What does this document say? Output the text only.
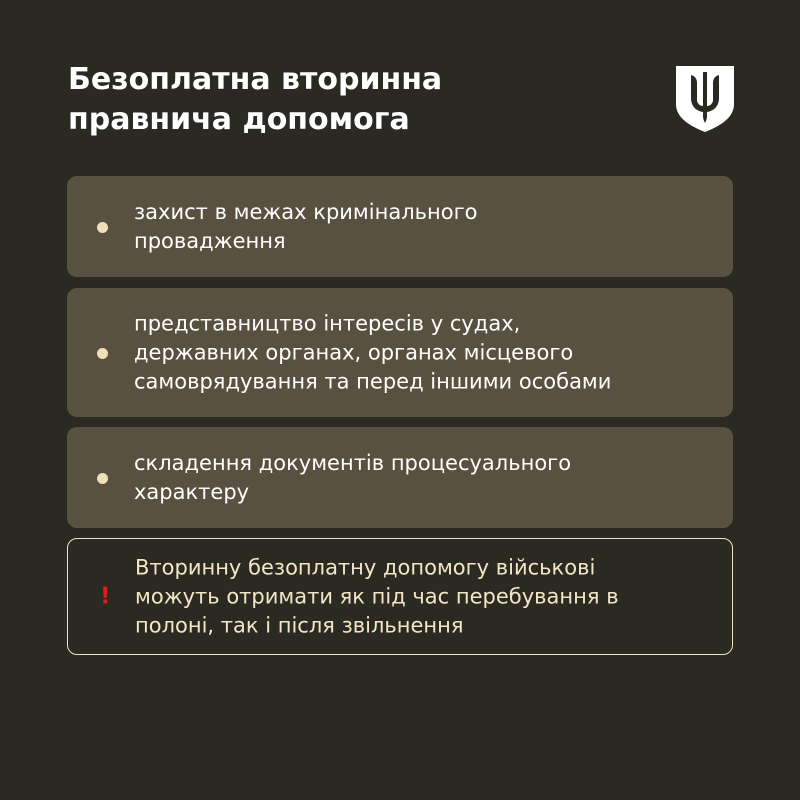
Безоплатна вторинна
правнича допомога
захист в межах кримінального
провадження
представництво інтересів у судах,
державних органах, органах місцевого
самоврядування та перед іншими особами
складення документів процесуального
характеру
!
Вторинну безоплатну допомогу військові
можуть отримати як під час перебування в
полоні, так і після звільнення
